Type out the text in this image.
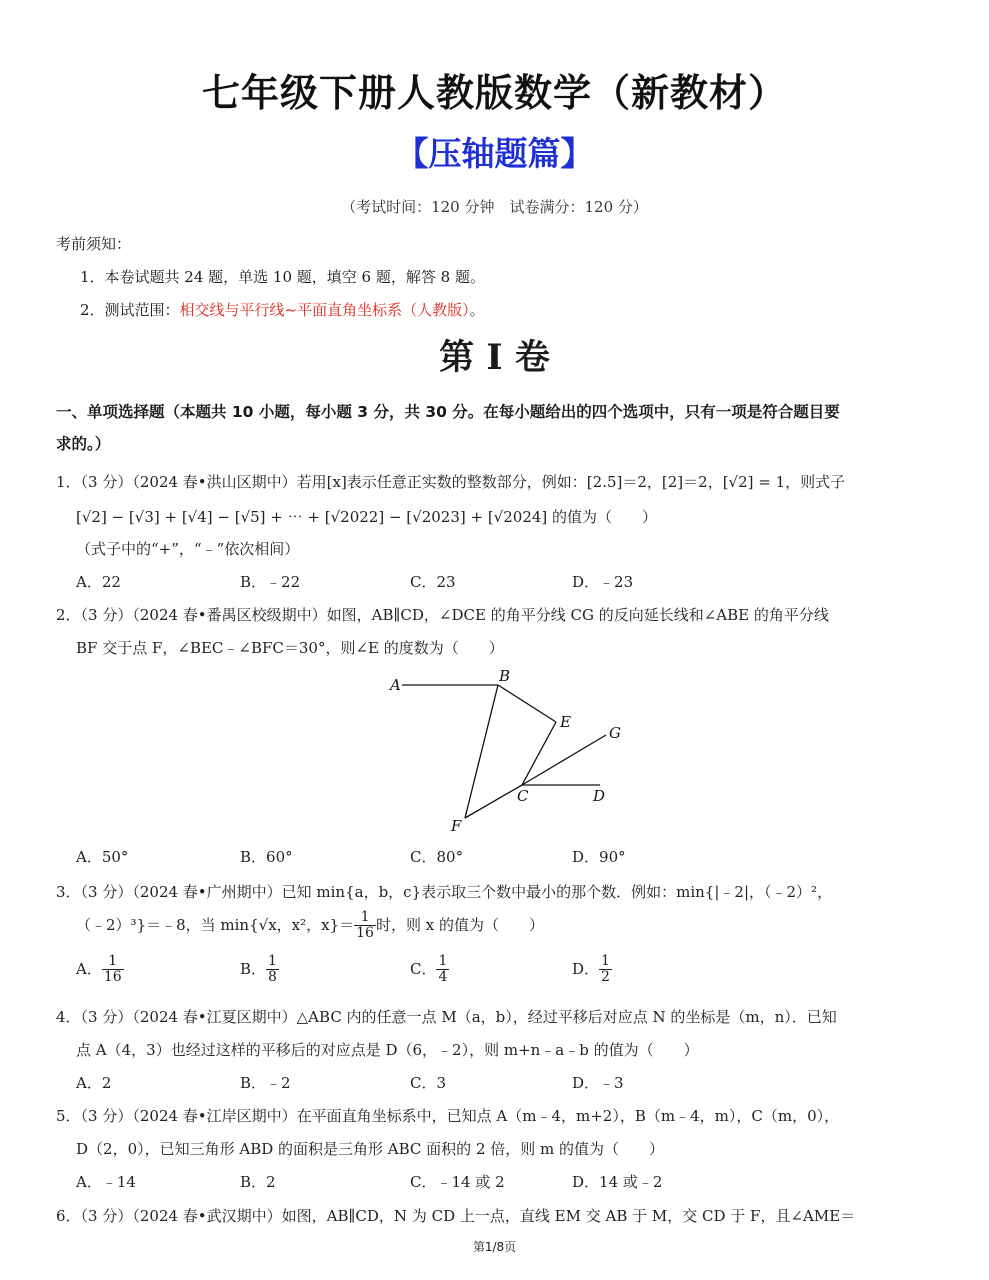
七年级下册人教版数学（新教材）
【压轴题篇】
（考试时间：120 分钟　试卷满分：120 分）
考前须知：
1．本卷试题共 24 题，单选 10 题，填空 6 题，解答 8 题。
2．测试范围：相交线与平行线~平面直角坐标系（人教版）。
第 I 卷
一、单项选择题（本题共 10 小题，每小题 3 分，共 30 分。在每小题给出的四个选项中，只有一项是符合题目要
求的。）
1．（3 分）（2024 春•洪山区期中）若用[x]表示任意正实数的整数部分，例如：[2.5]＝2，[2]＝2，[√2] = 1，则式子
[√2] − [√3] + [√4] − [√5] + ⋯ + [√2022] − [√2023] + [√2024] 的值为（　　）
（式子中的“+”，“﹣”依次相间）
A．22	B．﹣22	C．23	D．﹣23
2．（3 分）（2024 春•番禺区校级期中）如图，AB∥CD，∠DCE 的角平分线 CG 的反向延长线和∠ABE 的角平分线
BF 交于点 F，∠BEC﹣∠BFC＝30°，则∠E 的度数为（　　）
A	B
E
G
C	D
F
A．50°	B．60°	C．80°	D．90°
3．（3 分）（2024 春•广州期中）已知 min{a，b，c}表示取三个数中最小的那个数．例如：min{|﹣2|，（﹣2）²，
（﹣2）³}＝﹣8，当 min{√x，x²，$x\}= \frac{1}{16}$ 时，则 x 的值为（　　）
A． $\frac{1}{16}$	B． $\frac{1}{8}$	C． $\frac{1}{4}$	D． $\frac{1}{2}$
4．（3 分）（2024 春•江夏区期中）△ABC 内的任意一点 M（a，b），经过平移后对应点 N 的坐标是（m，n）．已知
点 A（4，3）也经过这样的平移后的对应点是 D（6，﹣2），则 m+n﹣a﹣b 的值为（　　）
A．2	B．﹣2	C．3	D．﹣3
5．（3 分）（2024 春•江岸区期中）在平面直角坐标系中，已知点 A（m﹣4，m+2），B（m﹣4，m），C（m，0），
D（2，0），已知三角形 ABD 的面积是三角形 ABC 面积的 2 倍，则 m 的值为（　　）
A．﹣14	B．2	C．﹣14 或 2	D．14 或﹣2
6．（3 分）（2024 春•武汉期中）如图，AB∥CD，N 为 CD 上一点，直线 EM 交 AB 于 M，交 CD 于 F，且∠AME＝
第1/8页
